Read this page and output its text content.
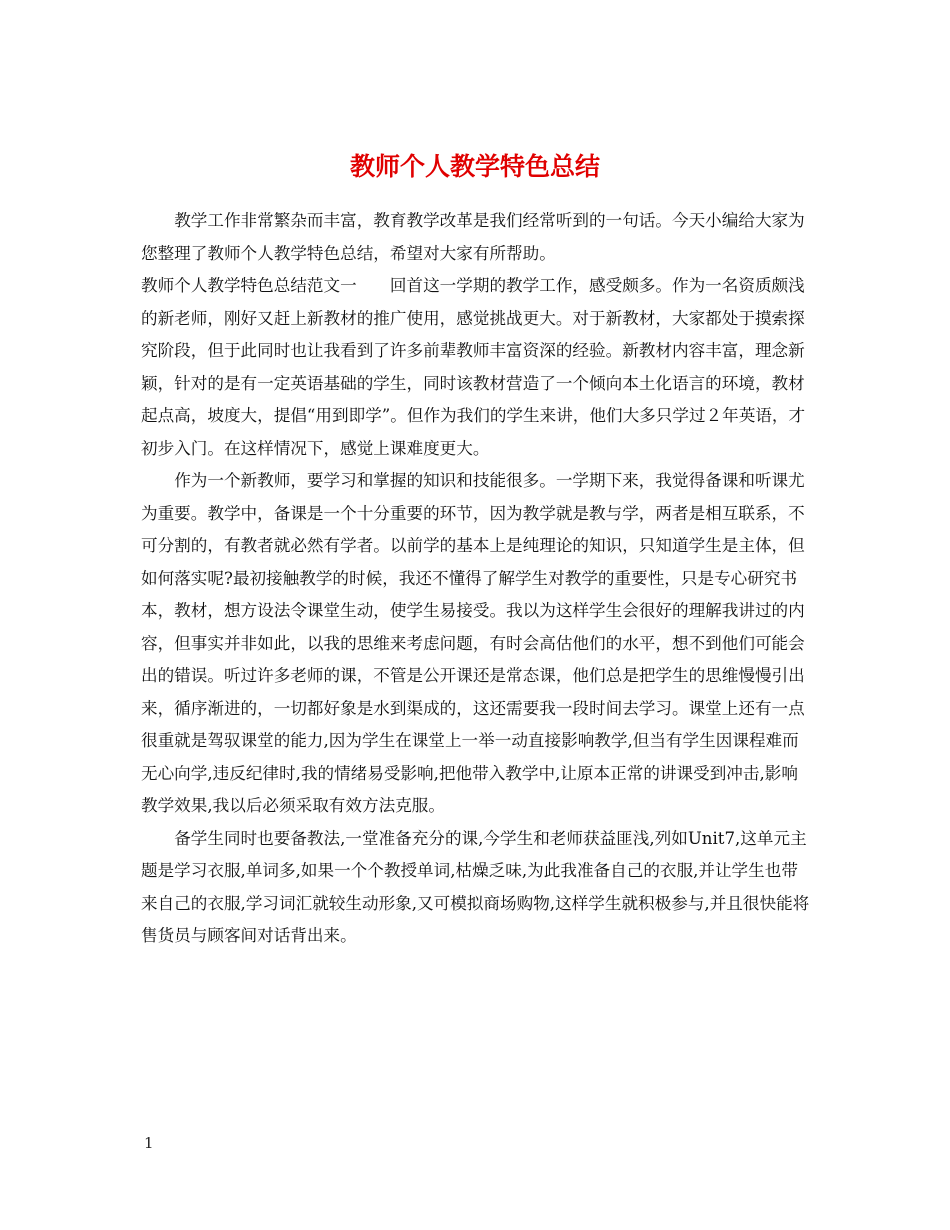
教师个人教学特色总结

教学工作非常繁杂而丰富，教育教学改革是我们经常听到的一句话。今天小编给大家为您整理了教师个人教学特色总结，希望对大家有所帮助。

教师个人教学特色总结范文一　　回首这一学期的教学工作，感受颇多。作为一名资质颇浅的新老师，刚好又赶上新教材的推广使用，感觉挑战更大。对于新教材，大家都处于摸索探究阶段，但于此同时也让我看到了许多前辈教师丰富资深的经验。新教材内容丰富，理念新颖，针对的是有一定英语基础的学生，同时该教材营造了一个倾向本土化语言的环境，教材起点高，坡度大，提倡“用到即学”。但作为我们的学生来讲，他们大多只学过２年英语，才初步入门。在这样情况下，感觉上课难度更大。

作为一个新教师，要学习和掌握的知识和技能很多。一学期下来，我觉得备课和听课尤为重要。教学中，备课是一个十分重要的环节，因为教学就是教与学，两者是相互联系，不可分割的，有教者就必然有学者。以前学的基本上是纯理论的知识，只知道学生是主体，但如何落实呢?最初接触教学的时候，我还不懂得了解学生对教学的重要性，只是专心研究书本，教材，想方设法令课堂生动，使学生易接受。我以为这样学生会很好的理解我讲过的内容，但事实并非如此，以我的思维来考虑问题，有时会高估他们的水平，想不到他们可能会出的错误。听过许多老师的课，不管是公开课还是常态课，他们总是把学生的思维慢慢引出来，循序渐进的，一切都好象是水到渠成的，这还需要我一段时间去学习。课堂上还有一点很重就是驾驭课堂的能力,因为学生在课堂上一举一动直接影响教学,但当有学生因课程难而无心向学,违反纪律时,我的情绪易受影响,把他带入教学中,让原本正常的讲课受到冲击,影响教学效果,我以后必须采取有效方法克服。

备学生同时也要备教法,一堂准备充分的课,今学生和老师获益匪浅,列如Unit7,这单元主题是学习衣服,单词多,如果一个个教授单词,枯燥乏味,为此我准备自己的衣服,并让学生也带来自己的衣服,学习词汇就较生动形象,又可模拟商场购物,这样学生就积极参与,并且很快能将售货员与顾客间对话背出来。

1
